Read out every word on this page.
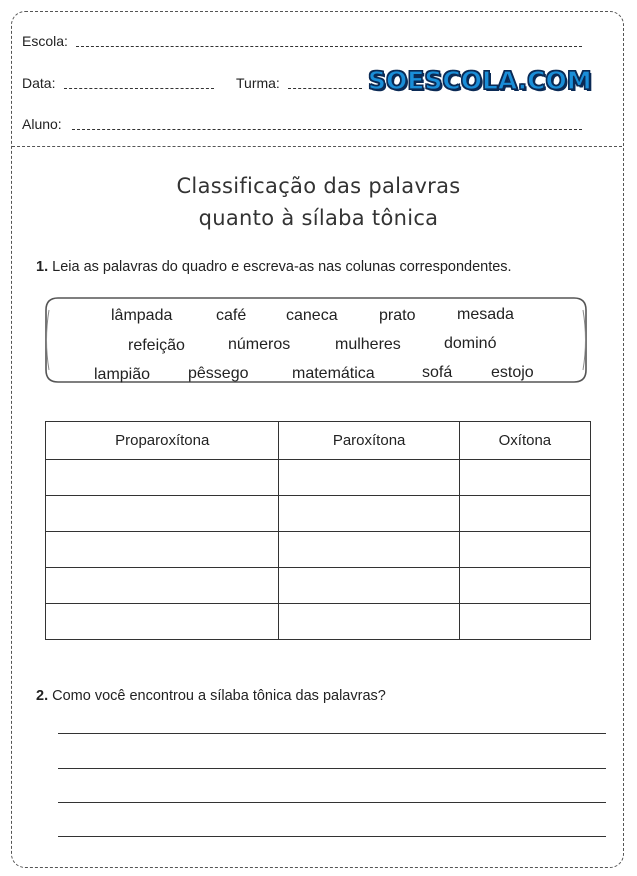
Escola:
Data:	Turma:	SOESCOLA.COM
Aluno:
Classificação das palavras
quanto à sílaba tônica
1. Leia as palavras do quadro e escreva-as nas colunas correspondentes.
lâmpada	café caneca	prato	mesada
refeição	números	mulheres	dominó
lampião pêssego	matemática	sofá estojo
Proparoxítona	Paroxítona	Oxítona

2. Como você encontrou a sílaba tônica das palavras?
